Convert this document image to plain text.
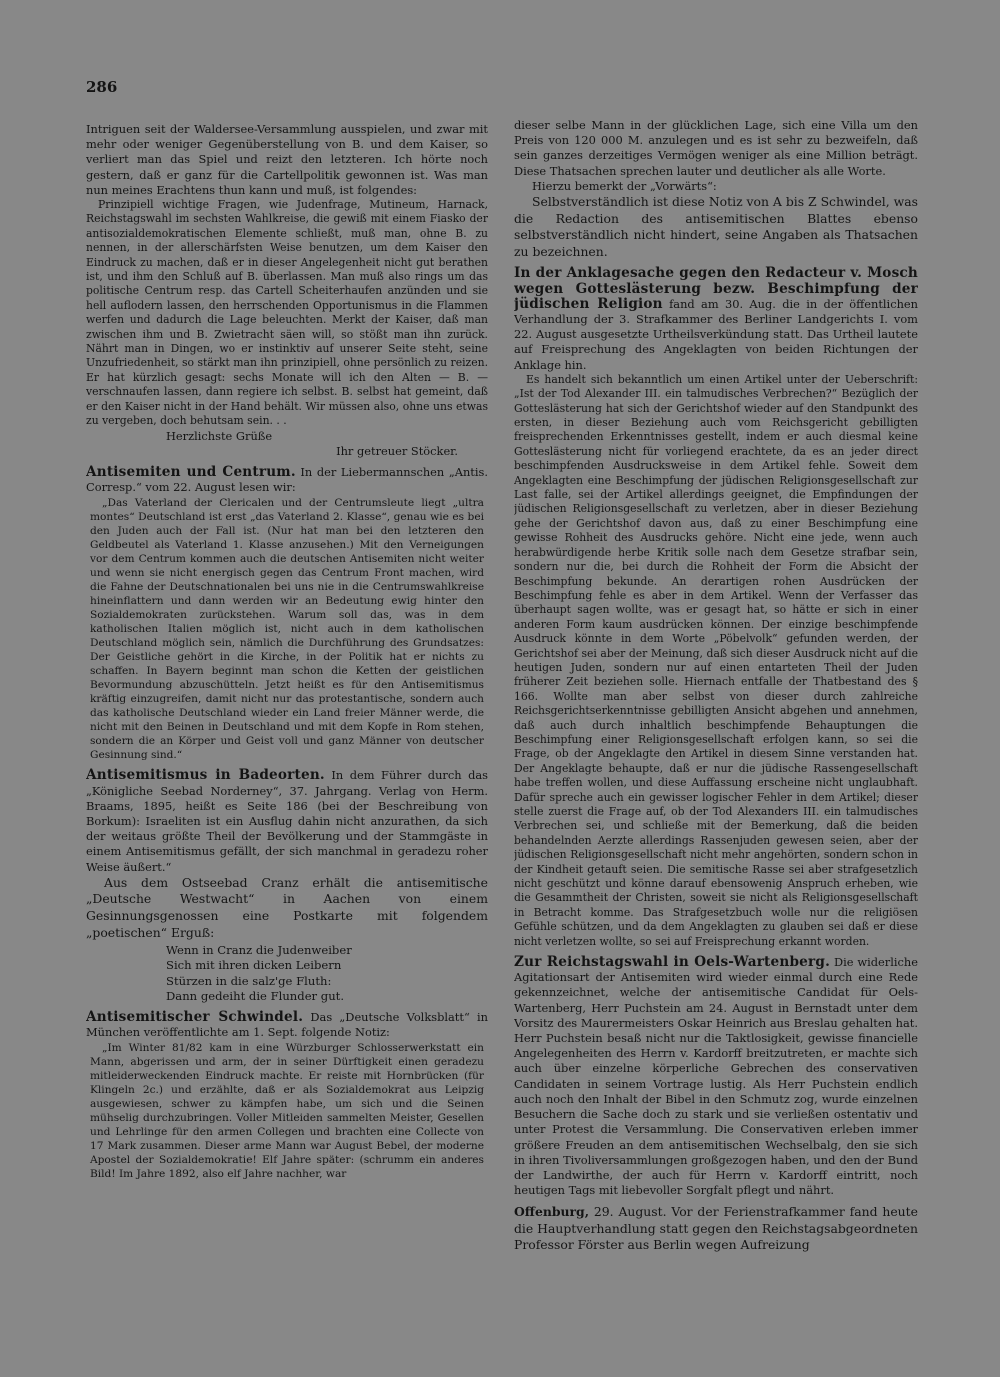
286

Intriguen seit der Waldersee-Versammlung ausspielen, und zwar mit mehr oder weniger Gegenüberstellung von B. und dem Kaiser, so verliert man das Spiel und reizt den letzteren. Ich hörte noch gestern, daß er ganz für die Cartellpolitik gewonnen ist. Was man nun meines Erachtens thun kann und muß, ist folgendes:

Prinzipiell wichtige Fragen, wie Judenfrage, Mutineum, Harnack, Reichstagswahl im sechsten Wahlkreise, die gewiß mit einem Fiasko der antisozialdemokratischen Elemente schließt, muß man, ohne B. zu nennen, in der allerschärfsten Weise benutzen, um dem Kaiser den Eindruck zu machen, daß er in dieser Angelegenheit nicht gut berathen ist, und ihm den Schluß auf B. überlassen. Man muß also rings um das politische Centrum resp. das Cartell Scheiterhaufen anzünden und sie hell auflodern lassen, den herrschenden Opportunismus in die Flammen werfen und dadurch die Lage beleuchten. Merkt der Kaiser, daß man zwischen ihm und B. Zwietracht säen will, so stößt man ihn zurück. Nährt man in Dingen, wo er instinktiv auf unserer Seite steht, seine Unzufriedenheit, so stärkt man ihn prinzipiell, ohne persönlich zu reizen. Er hat kürzlich gesagt: sechs Monate will ich den Alten — B. — verschnaufen lassen, dann regiere ich selbst. B. selbst hat gemeint, daß er den Kaiser nicht in der Hand behält. Wir müssen also, ohne uns etwas zu vergeben, doch behutsam sein. . .

Herzlichste Grüße

Ihr getreuer Stöcker.

Antisemiten und Centrum. In der Liebermannschen „Antis. Corresp.“ vom 22. August lesen wir:

„Das Vaterland der Clericalen und der Centrumsleute liegt „ultra montes“ Deutschland ist erst „das Vaterland 2. Klasse“, genau wie es bei den Juden auch der Fall ist. (Nur hat man bei den letzteren den Geldbeutel als Vaterland 1. Klasse anzusehen.) Mit den Verneigungen vor dem Centrum kommen auch die deutschen Antisemiten nicht weiter und wenn sie nicht energisch gegen das Centrum Front machen, wird die Fahne der Deutschnationalen bei uns nie in die Centrumswahlkreise hineinflattern und dann werden wir an Bedeutung ewig hinter den Sozialdemokraten zurückstehen. Warum soll das, was in dem katholischen Italien möglich ist, nicht auch in dem katholischen Deutschland möglich sein, nämlich die Durchführung des Grundsatzes: Der Geistliche gehört in die Kirche, in der Politik hat er nichts zu schaffen. In Bayern beginnt man schon die Ketten der geistlichen Bevormundung abzuschütteln. Jetzt heißt es für den Antisemitismus kräftig einzugreifen, damit nicht nur das protestantische, sondern auch das katholische Deutschland wieder ein Land freier Männer werde, die nicht mit den Beinen in Deutschland und mit dem Kopfe in Rom stehen, sondern die an Körper und Geist voll und ganz Männer von deutscher Gesinnung sind.“

Antisemitismus in Badeorten. In dem Führer durch das „Königliche Seebad Norderney“, 37. Jahrgang. Verlag von Herm. Braams, 1895, heißt es Seite 186 (bei der Beschreibung von Borkum): Israeliten ist ein Ausflug dahin nicht anzurathen, da sich der weitaus größte Theil der Bevölkerung und der Stammgäste in einem Antisemitismus gefällt, der sich manchmal in geradezu roher Weise äußert.“

Aus dem Ostseebad Cranz erhält die antisemitische „Deutsche Westwacht“ in Aachen von einem Gesinnungsgenossen eine Postkarte mit folgendem „poetischen“ Erguß:

Wenn in Cranz die Judenweiber
Sich mit ihren dicken Leibern
Stürzen in die salz'ge Fluth:
Dann gedeiht die Flunder gut.

Antisemitischer Schwindel. Das „Deutsche Volksblatt“ in München veröffentlichte am 1. Sept. folgende Notiz:

„Im Winter 81/82 kam in eine Würzburger Schlosserwerkstatt ein Mann, abgerissen und arm, der in seiner Dürftigkeit einen geradezu mitleiderweckenden Eindruck machte. Er reiste mit Hornbrücken (für Klingeln 2c.) und erzählte, daß er als Sozialdemokrat aus Leipzig ausgewiesen, schwer zu kämpfen habe, um sich und die Seinen mühselig durchzubringen. Voller Mitleiden sammelten Meister, Gesellen und Lehrlinge für den armen Collegen und brachten eine Collecte von 17 Mark zusammen. Dieser arme Mann war August Bebel, der moderne Apostel der Sozialdemokratie! Elf Jahre später: (schrumm ein anderes Bild! Im Jahre 1892, also elf Jahre nachher, war

dieser selbe Mann in der glücklichen Lage, sich eine Villa um den Preis von 120 000 M. anzulegen und es ist sehr zu bezweifeln, daß sein ganzes derzeitiges Vermögen weniger als eine Million beträgt. Diese Thatsachen sprechen lauter und deutlicher als alle Worte.

Hierzu bemerkt der „Vorwärts“:

Selbstverständlich ist diese Notiz von A bis Z Schwindel, was die Redaction des antisemitischen Blattes ebenso selbstverständlich nicht hindert, seine Angaben als Thatsachen zu bezeichnen.

In der Anklagesache gegen den Redacteur v. Mosch wegen Gotteslästerung bezw. Beschimpfung der jüdischen Religion fand am 30. Aug. die in der öffentlichen Verhandlung der 3. Strafkammer des Berliner Landgerichts I. vom 22. August ausgesetzte Urtheilsverkündung statt. Das Urtheil lautete auf Freisprechung des Angeklagten von beiden Richtungen der Anklage hin.

Es handelt sich bekanntlich um einen Artikel unter der Ueberschrift: „Ist der Tod Alexander III. ein talmudisches Verbrechen?“ Bezüglich der Gotteslästerung hat sich der Gerichtshof wieder auf den Standpunkt des ersten, in dieser Beziehung auch vom Reichsgericht gebilligten freisprechenden Erkenntnisses gestellt, indem er auch diesmal keine Gotteslästerung nicht für vorliegend erachtete, da es an jeder direct beschimpfenden Ausdrucksweise in dem Artikel fehle. Soweit dem Angeklagten eine Beschimpfung der jüdischen Religionsgesellschaft zur Last falle, sei der Artikel allerdings geeignet, die Empfindungen der jüdischen Religionsgesellschaft zu verletzen, aber in dieser Beziehung gehe der Gerichtshof davon aus, daß zu einer Beschimpfung eine gewisse Rohheit des Ausdrucks gehöre. Nicht eine jede, wenn auch herabwürdigende herbe Kritik solle nach dem Gesetze strafbar sein, sondern nur die, bei durch die Rohheit der Form die Absicht der Beschimpfung bekunde. An derartigen rohen Ausdrücken der Beschimpfung fehle es aber in dem Artikel. Wenn der Verfasser das überhaupt sagen wollte, was er gesagt hat, so hätte er sich in einer anderen Form kaum ausdrücken können. Der einzige beschimpfende Ausdruck könnte in dem Worte „Pöbelvolk“ gefunden werden, der Gerichtshof sei aber der Meinung, daß sich dieser Ausdruck nicht auf die heutigen Juden, sondern nur auf einen entarteten Theil der Juden früherer Zeit beziehen solle. Hiernach entfalle der Thatbestand des § 166. Wollte man aber selbst von dieser durch zahlreiche Reichsgerichtserkenntnisse gebilligten Ansicht abgehen und annehmen, daß auch durch inhaltlich beschimpfende Behauptungen die Beschimpfung einer Religionsgesellschaft erfolgen kann, so sei die Frage, ob der Angeklagte den Artikel in diesem Sinne verstanden hat. Der Angeklagte behaupte, daß er nur die jüdische Rassengesellschaft habe treffen wollen, und diese Auffassung erscheine nicht unglaubhaft. Dafür spreche auch ein gewisser logischer Fehler in dem Artikel; dieser stelle zuerst die Frage auf, ob der Tod Alexanders III. ein talmudisches Verbrechen sei, und schließe mit der Bemerkung, daß die beiden behandelnden Aerzte allerdings Rassenjuden gewesen seien, aber der jüdischen Religionsgesellschaft nicht mehr angehörten, sondern schon in der Kindheit getauft seien. Die semitische Rasse sei aber strafgesetzlich nicht geschützt und könne darauf ebensowenig Anspruch erheben, wie die Gesammtheit der Christen, soweit sie nicht als Religionsgesellschaft in Betracht komme. Das Strafgesetzbuch wolle nur die religiösen Gefühle schützen, und da dem Angeklagten zu glauben sei daß er diese nicht verletzen wollte, so sei auf Freisprechung erkannt worden.

Zur Reichstagswahl in Oels-Wartenberg. Die widerliche Agitationsart der Antisemiten wird wieder einmal durch eine Rede gekennzeichnet, welche der antisemitische Candidat für Oels-Wartenberg, Herr Puchstein am 24. August in Bernstadt unter dem Vorsitz des Maurermeisters Oskar Heinrich aus Breslau gehalten hat. Herr Puchstein besaß nicht nur die Taktlosigkeit, gewisse financielle Angelegenheiten des Herrn v. Kardorff breitzutreten, er machte sich auch über einzelne körperliche Gebrechen des conservativen Candidaten in seinem Vortrage lustig. Als Herr Puchstein endlich auch noch den Inhalt der Bibel in den Schmutz zog, wurde einzelnen Besuchern die Sache doch zu stark und sie verließen ostentativ und unter Protest die Versammlung. Die Conservativen erleben immer größere Freuden an dem antisemitischen Wechselbalg, den sie sich in ihren Tivoliversammlungen großgezogen haben, und den der Bund der Landwirthe, der auch für Herrn v. Kardorff eintritt, noch heutigen Tags mit liebevoller Sorgfalt pflegt und nährt.

Offenburg, 29. August. Vor der Ferienstrafkammer fand heute die Hauptverhandlung statt gegen den Reichstagsabgeordneten Professor Förster aus Berlin wegen Aufreizung
